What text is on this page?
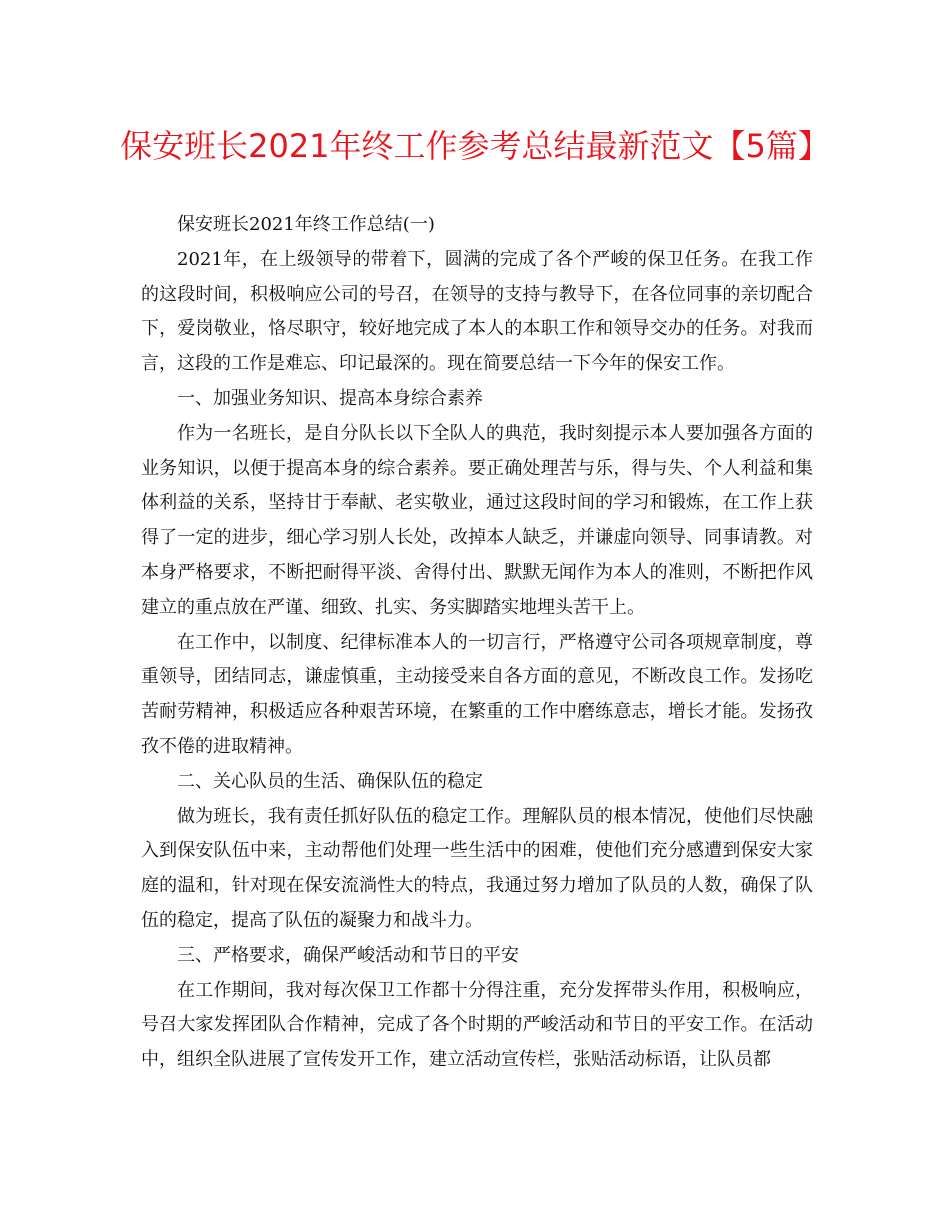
保安班长2021年终工作参考总结最新范文【5篇】

保安班长2021年终工作总结(一)

2021年，在上级领导的带着下，圆满的完成了各个严峻的保卫任务。在我工作的这段时间，积极响应公司的号召，在领导的支持与教导下，在各位同事的亲切配合下，爱岗敬业，恪尽职守，较好地完成了本人的本职工作和领导交办的任务。对我而言，这段的工作是难忘、印记最深的。现在简要总结一下今年的保安工作。

一、加强业务知识、提高本身综合素养

作为一名班长，是自分队长以下全队人的典范，我时刻提示本人要加强各方面的业务知识，以便于提高本身的综合素养。要正确处理苦与乐，得与失、个人利益和集体利益的关系，坚持甘于奉献、老实敬业，通过这段时间的学习和锻炼，在工作上获得了一定的进步，细心学习别人长处，改掉本人缺乏，并谦虚向领导、同事请教。对本身严格要求，不断把耐得平淡、舍得付出、默默无闻作为本人的准则，不断把作风建立的重点放在严谨、细致、扎实、务实脚踏实地埋头苦干上。

在工作中，以制度、纪律标准本人的一切言行，严格遵守公司各项规章制度，尊重领导，团结同志，谦虚慎重，主动接受来自各方面的意见，不断改良工作。发扬吃苦耐劳精神，积极适应各种艰苦环境，在繁重的工作中磨练意志，增长才能。发扬孜孜不倦的进取精神。

二、关心队员的生活、确保队伍的稳定

做为班长，我有责任抓好队伍的稳定工作。理解队员的根本情况，使他们尽快融入到保安队伍中来，主动帮他们处理一些生活中的困难，使他们充分感遭到保安大家庭的温和，针对现在保安流淌性大的特点，我通过努力增加了队员的人数，确保了队伍的稳定，提高了队伍的凝聚力和战斗力。

三、严格要求，确保严峻活动和节日的平安

在工作期间，我对每次保卫工作都十分得注重，充分发挥带头作用，积极响应，号召大家发挥团队合作精神，完成了各个时期的严峻活动和节日的平安工作。在活动中，组织全队进展了宣传发开工作，建立活动宣传栏，张贴活动标语，让队员都
